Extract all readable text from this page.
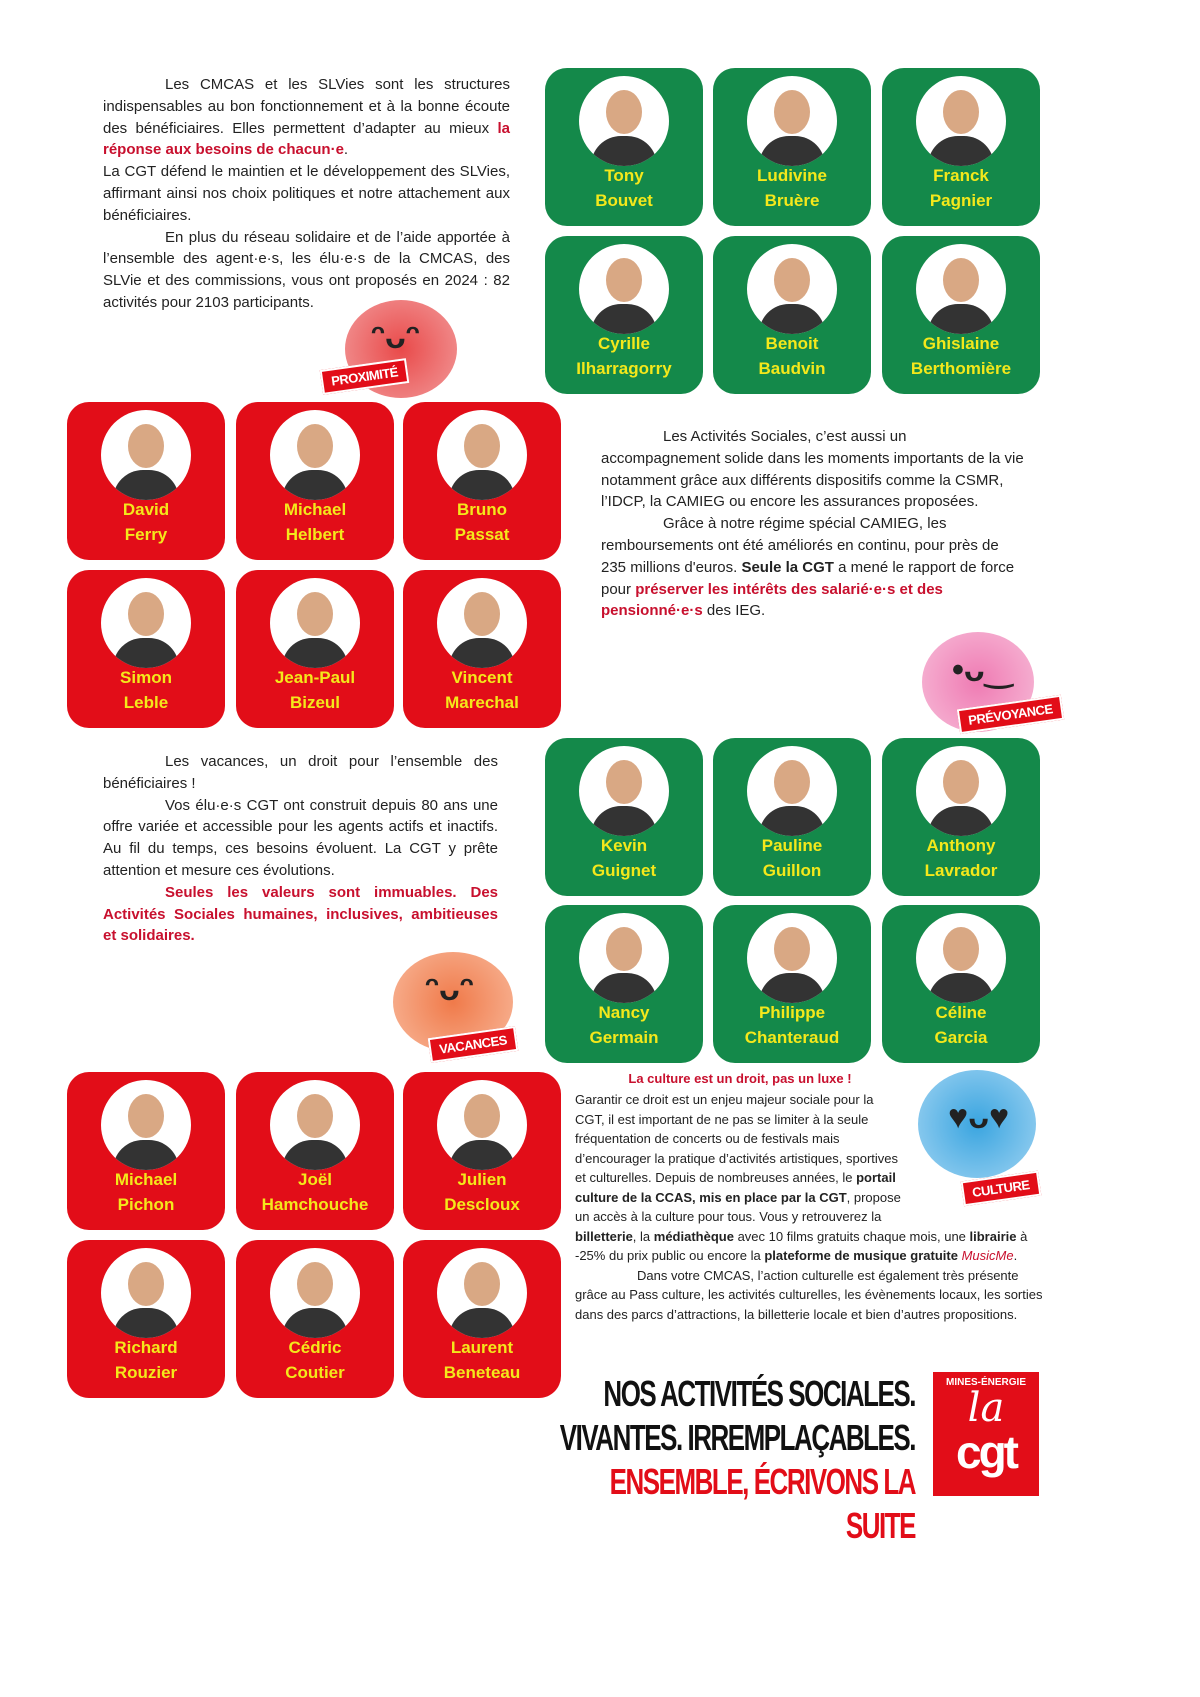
Tony
Bouvet
Ludivine
Bruère
Franck
Pagnier
Cyrille
Ilharragorry
Benoit
Baudvin
Ghislaine
Berthomière
David
Ferry
Michael
Helbert
Bruno
Passat
Simon
Leble
Jean-Paul
Bizeul
Vincent
Marechal
Kevin
Guignet
Pauline
Guillon
Anthony
Lavrador
Nancy
Germain
Philippe
Chanteraud
Céline
Garcia
Michael
Pichon
Joël
Hamchouche
Julien
Descloux
Richard
Rouzier
Cédric
Coutier
Laurent
Beneteau

Les CMCAS et les SLVies sont les structures indispensables au bon fonctionnement et à la bonne écoute des bénéficiaires. Elles permettent d’adapter au mieux la réponse aux besoins de chacun·e.

La CGT défend le maintien et le développement des SLVies, affirmant ainsi nos choix politiques et notre attachement aux bénéficiaires.

En plus du réseau solidaire et de l’aide apportée à l’ensemble des agent·e·s, les élu·e·s de la CMCAS, des SLVie et des commissions, vous ont proposés en 2024 : 82 activités pour 2103 participants.

Les Activités Sociales, c’est aussi un accompagnement solide dans les moments importants de la vie notamment grâce aux différents dispositifs comme la CSMR, l’IDCP, la CAMIEG ou encore les assurances proposées.

Grâce à notre régime spécial CAMIEG, les remboursements ont été améliorés en continu, pour près de 235 millions d'euros. Seule la CGT a mené le rapport de force pour préserver les intérêts des salarié·e·s et des pensionné·e·s des IEG.

Les vacances, un droit pour l’ensemble des bénéficiaires !

Vos élu·e·s CGT ont construit depuis 80 ans une offre variée et accessible pour les agents actifs et inactifs. Au fil du temps, ces besoins évoluent. La CGT y prête attention et mesure ces évolutions.

Seules les valeurs sont immuables. Des Activités Sociales humaines, inclusives, ambitieuses et solidaires.

La culture est un droit, pas un luxe !

Garantir ce droit est un enjeu majeur sociale pour la CGT, il est important de ne pas se limiter à la seule fréquentation de concerts ou de festivals mais d’encourager la pratique d’activités artistiques, sportives et culturelles. Depuis de nombreuses années, le portail culture de la CCAS, mis en place par la CGT, propose un accès à la culture pour tous. Vous y retrouverez la billetterie, la médiathèque avec 10 films gratuits chaque mois, une librairie à -25% du prix public ou encore la plateforme de musique gratuite MusicMe.

Dans votre CMCAS, l’action culturelle est également très présente grâce au Pass culture, les activités culturelles, les évènements locaux, les sorties dans des parcs d’attractions, la billetterie locale et bien d’autres propositions.

ᵔᴗᵔ
PROXIMITÉ
•ᴗ‿
PRÉVOYANCE
ᵔᴗᵔ
VACANCES
♥ᴗ♥
CULTURE
NOS ACTIVITÉS SOCIALES.
VIVANTES. IRREMPLAÇABLES.
ENSEMBLE, ÉCRIVONS LA SUITE
MINES-ÉNERGIE
la
cgt
